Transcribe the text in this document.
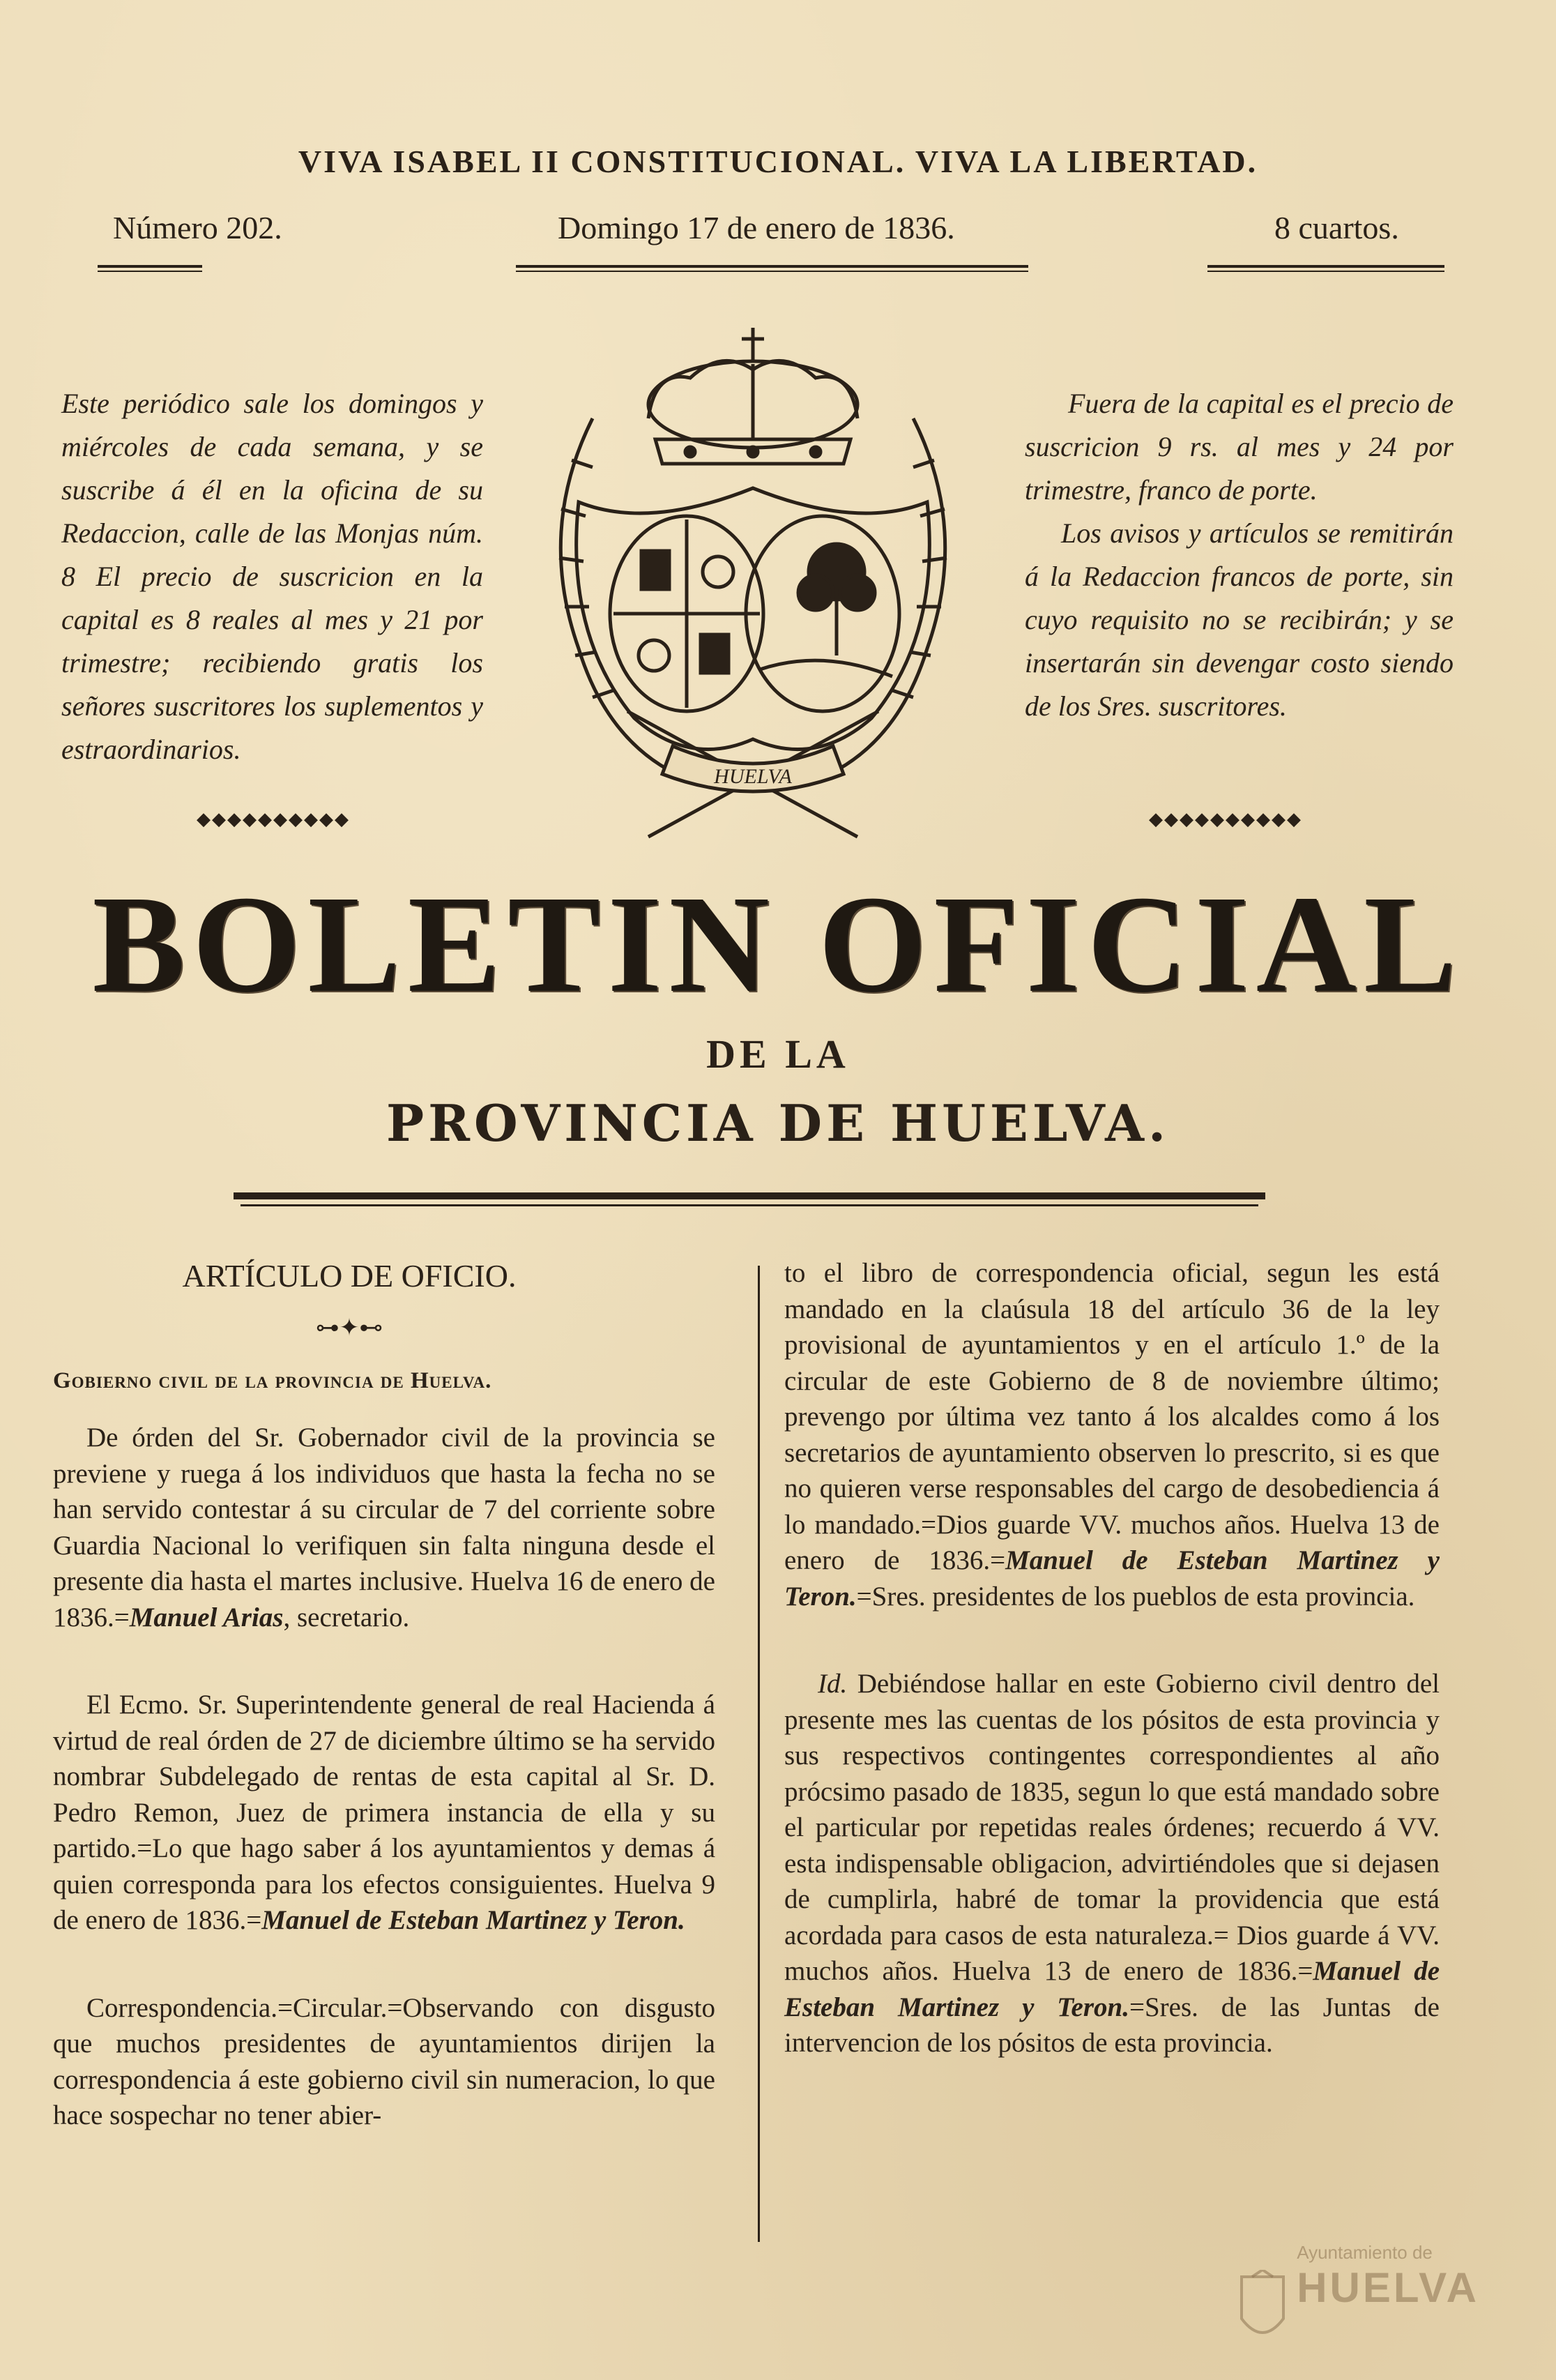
VIVA ISABEL II CONSTITUCIONAL. VIVA LA LIBERTAD.
Número 202.	Domingo 17 de enero de 1836.	8 cuartos.

Este periódico sale los domingos y miércoles de cada semana, y se suscribe á él en la oficina de su Redaccion, calle de las Monjas núm. 8 El precio de suscricion en la capital es 8 reales al mes y 21 por trimestre; recibiendo gratis los señores suscritores los suplementos y estraordinarios.

◆◆◆◆◆◆◆◆◆◆
HUELVA

Fuera de la capital es el precio de suscricion 9 rs. al mes y 24 por trimestre, franco de porte.

Los avisos y artículos se remitirán á la Redaccion francos de porte, sin cuyo requisito no se recibirán; y se insertarán sin devengar costo siendo de los Sres. suscritores.

◆◆◆◆◆◆◆◆◆◆
BOLETIN OFICIAL
DE LA
PROVINCIA DE HUELVA.
ARTÍCULO DE OFICIO.
⊶✦⊷
Gobierno civil de la provincia de Huelva.

De órden del Sr. Gobernador civil de la provincia se previene y ruega á los individuos que hasta la fecha no se han servido contestar á su circular de 7 del corriente sobre Guardia Nacional lo verifiquen sin falta ninguna desde el presente dia hasta el martes inclusive. Huelva 16 de enero de 1836.=Manuel Arias, secretario.

El Ecmo. Sr. Superintendente general de real Hacienda á virtud de real órden de 27 de diciembre último se ha servido nombrar Subdelegado de rentas de esta capital al Sr. D. Pedro Remon, Juez de primera instancia de ella y su partido.=Lo que hago saber á los ayuntamientos y demas á quien corresponda para los efectos consiguientes. Huelva 9 de enero de 1836.=Manuel de Esteban Martinez y Teron.

Correspondencia.=Circular.=Observando con disgusto que muchos presidentes de ayuntamientos dirijen la correspondencia á este gobierno civil sin numeracion, lo que hace sospechar no tener abier-

to el libro de correspondencia oficial, segun les está mandado en la claúsula 18 del artículo 36 de la ley provisional de ayuntamientos y en el artículo 1.º de la circular de este Gobierno de 8 de noviembre último; prevengo por última vez tanto á los alcaldes como á los secretarios de ayuntamiento observen lo prescrito, si es que no quieren verse responsables del cargo de desobediencia á lo mandado.=Dios guarde VV. muchos años. Huelva 13 de enero de 1836.=Manuel de Esteban Martinez y Teron.=Sres. presidentes de los pueblos de esta provincia.

Id. Debiéndose hallar en este Gobierno civil dentro del presente mes las cuentas de los pósitos de esta provincia y sus respectivos contingentes correspondientes al año prócsimo pasado de 1835, segun lo que está mandado sobre el particular por repetidas reales órdenes; recuerdo á VV. esta indispensable obligacion, advirtiéndoles que si dejasen de cumplirla, habré de tomar la providencia que está acordada para casos de esta naturaleza.= Dios guarde á VV. muchos años. Huelva 13 de enero de 1836.=Manuel de Esteban Martinez y Teron.=Sres. de las Juntas de intervencion de los pósitos de esta provincia.

Ayuntamiento de
HUELVA
